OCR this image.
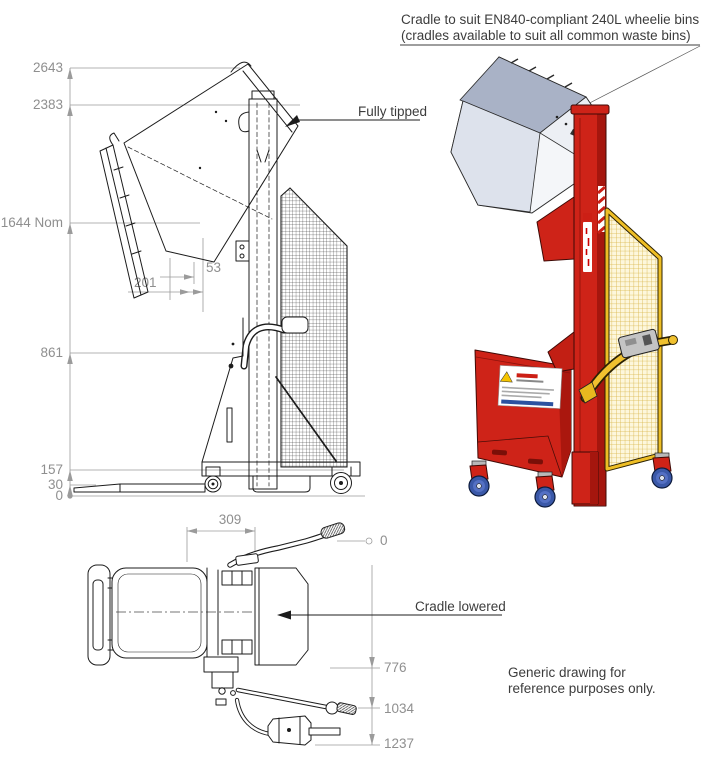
Cradle to suit EN840-compliant 240L wheelie bins
(cradles available to suit all common waste bins)
2643
2383
1644 Nom
861
157
30
0
53
201
Fully tipped
309
0
776
1034
1237
Cradle lowered
Generic drawing for
reference purposes only.
